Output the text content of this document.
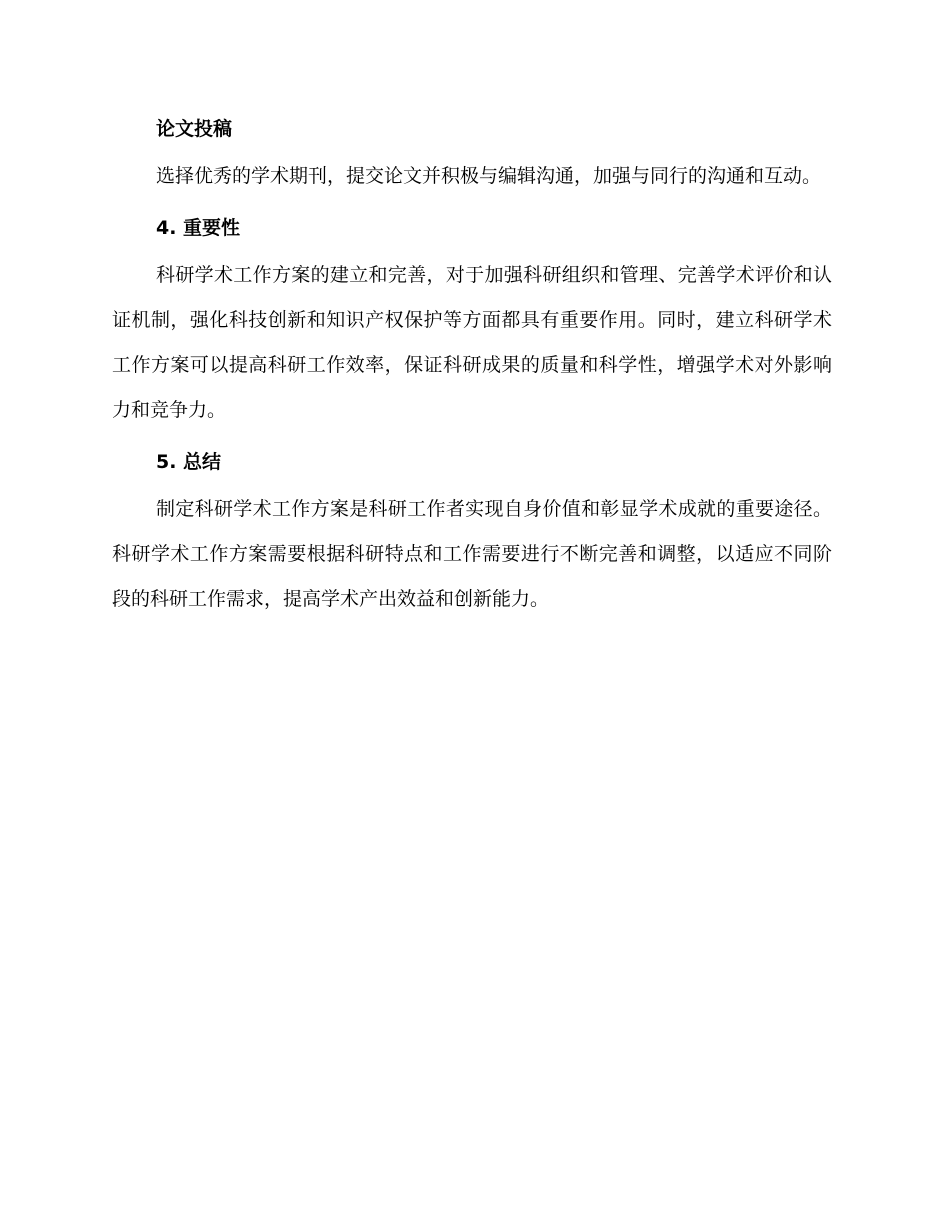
论文投稿

选择优秀的学术期刊，提交论文并积极与编辑沟通，加强与同行的沟通和互动。

4. 重要性

科研学术工作方案的建立和完善，对于加强科研组织和管理、完善学术评价和认证机制，强化科技创新和知识产权保护等方面都具有重要作用。同时，建立科研学术工作方案可以提高科研工作效率，保证科研成果的质量和科学性，增强学术对外影响力和竞争力。

5. 总结

制定科研学术工作方案是科研工作者实现自身价值和彰显学术成就的重要途径。科研学术工作方案需要根据科研特点和工作需要进行不断完善和调整，以适应不同阶段的科研工作需求，提高学术产出效益和创新能力。
